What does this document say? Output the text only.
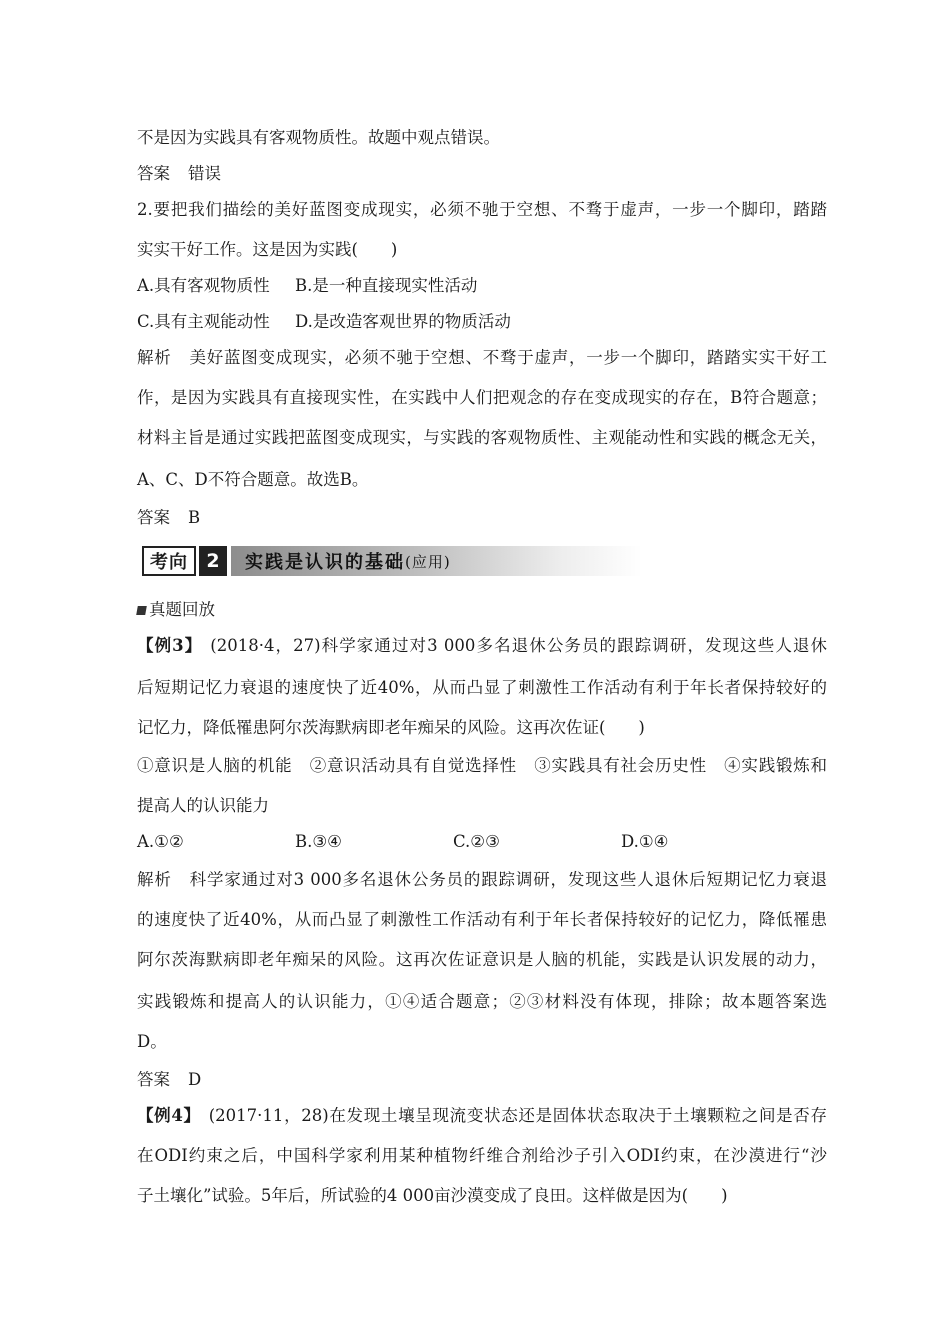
不是因为实践具有客观物质性。故题中观点错误。
答案 错误
2.要把我们描绘的美好蓝图变成现实，必须不驰于空想、不骛于虚声，一步一个脚印，踏踏
实实干好工作。这是因为实践(　　)
A.具有客观物质性 B.是一种直接现实性活动
C.具有主观能动性 D.是改造客观世界的物质活动
解析 美好蓝图变成现实，必须不驰于空想、不骛于虚声，一步一个脚印，踏踏实实干好工
作，是因为实践具有直接现实性，在实践中人们把观念的存在变成现实的存在，B符合题意；
材料主旨是通过实践把蓝图变成现实，与实践的客观物质性、主观能动性和实践的概念无关，
A、C、D不符合题意。故选B。
答案 B
考向 2	实践是认识的基础 (应用)
真题回放
【例3】 (2018·4，27)科学家通过对3 000多名退休公务员的跟踪调研，发现这些人退休
后短期记忆力衰退的速度快了近40%，从而凸显了刺激性工作活动有利于年长者保持较好的
记忆力，降低罹患阿尔茨海默病即老年痴呆的风险。这再次佐证(　　)
①意识是人脑的机能　②意识活动具有自觉选择性　③实践具有社会历史性　④实践锻炼和
提高人的认识能力
A.①②	B.③④	C.②③	D.①④
解析 科学家通过对3 000多名退休公务员的跟踪调研，发现这些人退休后短期记忆力衰退
的速度快了近40%，从而凸显了刺激性工作活动有利于年长者保持较好的记忆力，降低罹患
阿尔茨海默病即老年痴呆的风险。这再次佐证意识是人脑的机能，实践是认识发展的动力，
实践锻炼和提高人的认识能力，①④适合题意；②③材料没有体现，排除；故本题答案选
D。
答案 D
【例4】 (2017·11，28)在发现土壤呈现流变状态还是固体状态取决于土壤颗粒之间是否存
在ODI约束之后，中国科学家利用某种植物纤维合剂给沙子引入ODI约束，在沙漠进行“沙
子土壤化”试验。5年后，所试验的4 000亩沙漠变成了良田。这样做是因为(　　)
